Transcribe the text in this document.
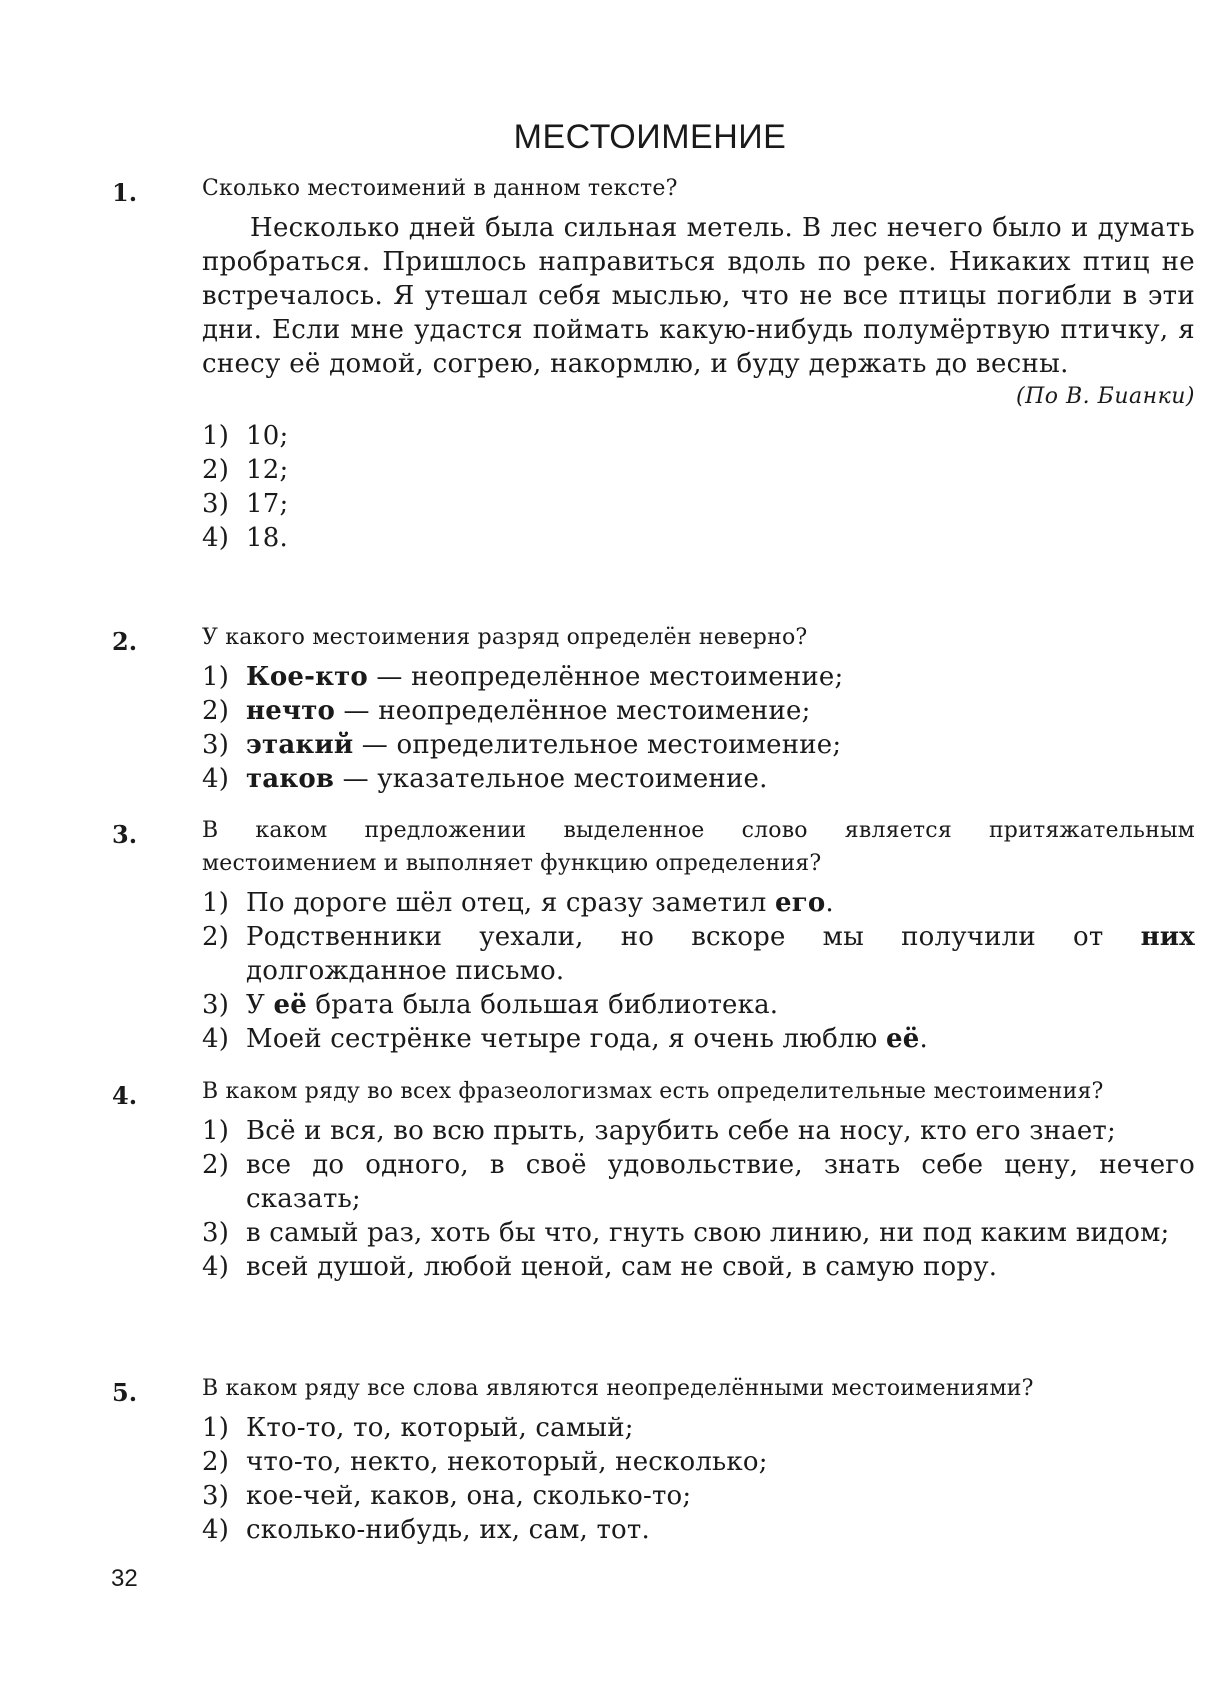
МЕСТОИМЕНИЕ
1.	Сколько местоимений в данном тексте?
Несколько дней была сильная метель. В лес нечего было и думать пробраться. Пришлось направиться вдоль по реке. Никаких птиц не встречалось. Я утешал себя мыслью, что не все птицы погибли в эти дни. Если мне удастся поймать какую-нибудь полумёртвую птичку, я снесу её домой, согрею, накормлю, и буду держать до весны.
(По В. Бианки)
1) 10;
2) 12;
3) 17;
4) 18.
2.	У какого местоимения разряд определён неверно?
1) Кое-кто — неопределённое местоимение;
2) нечто — неопределённое местоимение;
3) этакий — определительное местоимение;
4) таков — указательное местоимение.
3.	В каком предложении выделенное слово является притяжательным местоимением и выполняет функцию определения?
1) По дороге шёл отец, я сразу заметил его.
2) Родственники уехали, но вскоре мы получили от них долгожданное письмо.
3) У её брата была большая библиотека.
4) Моей сестрёнке четыре года, я очень люблю её.
4.	В каком ряду во всех фразеологизмах есть определительные местоимения?
1) Всё и вся, во всю прыть, зарубить себе на носу, кто его знает;
2) все до одного, в своё удовольствие, знать себе цену, нечего сказать;
3) в самый раз, хоть бы что, гнуть свою линию, ни под каким видом;
4) всей душой, любой ценой, сам не свой, в самую пору.
5.	В каком ряду все слова являются неопределёнными местоимениями?
1) Кто-то, то, который, самый;
2) что-то, некто, некоторый, несколько;
3) кое-чей, каков, она, сколько-то;
4) сколько-нибудь, их, сам, тот.
32
